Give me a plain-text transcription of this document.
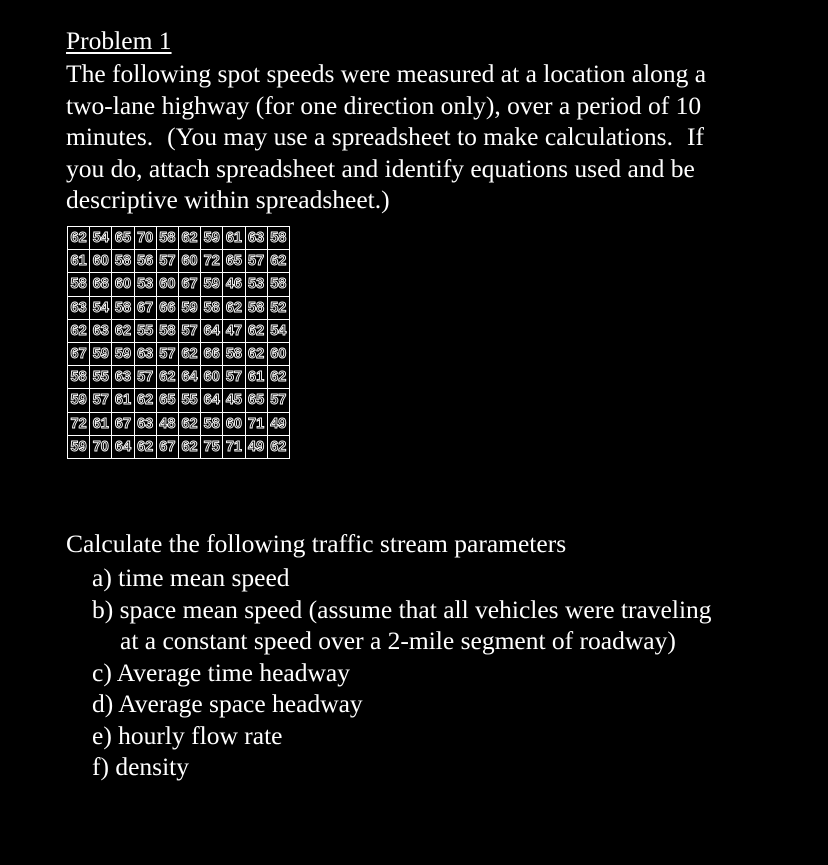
Problem 1
The following spot speeds were measured at a location along a
two-lane highway (for one direction only), over a period of 10
minutes. (You may use a spreadsheet to make calculations. If
you do, attach spreadsheet and identify equations used and be
descriptive within spreadsheet.)
62	54	65	70	58	62	59	61	63	58
61	60	58	56	57	60	72	65	57	62
58	68	60	53	60	67	59	46	53	58
63	54	58	67	66	59	58	62	58	52
62	63	62	55	58	57	64	47	62	54
67	59	59	63	57	62	66	58	62	60
58	55	63	57	62	64	60	57	61	62
59	57	61	62	65	55	64	45	65	57
72	61	67	63	48	62	58	60	71	49
59	70	64	62	67	62	75	71	49	62
Calculate the following traffic stream parameters
a) time mean speed
b) space mean speed (assume that all vehicles were traveling
at a constant speed over a 2-mile segment of roadway)
c) Average time headway
d) Average space headway
e) hourly flow rate
f) density
